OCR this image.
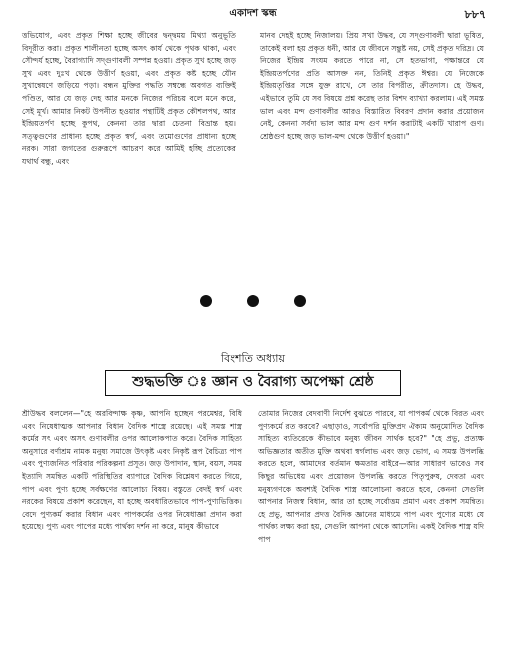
একাদশ স্কন্ধ	৮৮৭

ত্তভিযোগ, এবং প্রকৃত শিক্ষা হচ্ছে জীবের দ্বন্দ্বময় মিথ্যা অনুভূতি বিদূরীত করা। প্রকৃত শালীনতা হচ্ছে অসৎ কার্য থেকে পৃথক থাকা, এবং সৌন্দর্য হচ্ছে, বৈরাগ্যাদি সদ্গুণাবলী সম্পন্ন হওয়া। প্রকৃত সুখ হচ্ছে জড় সুখ এবং দুঃখ থেকে উত্তীর্ণ হওয়া, এবং প্রকৃত কষ্ট হচ্ছে যৌন সুখান্বেষণে জড়িয়ে পড়া। বন্ধন মুক্তির পদ্ধতি সম্বন্ধে অবগত ব্যক্তিই পণ্ডিত, আর যে জড় দেহ আর মনকে নিজের পরিচয় বলে মনে করে, সেই মূর্খ। আমার নিকট উপনীত হওয়ার পন্থাটিই প্রকৃত কৌশলপথ, আর ইন্দ্রিয়তর্পণ হচ্ছে কুপথ, কেননা তার দ্বারা চেতনা বিভ্রান্ত হয়। সত্ত্বগুণের প্রাধান্য হচ্ছে প্রকৃত স্বর্গ, এবং তমোগুণের প্রাধান্য হচ্ছে নরক। সারা জগতের গুরুরূপে আচরণ করে আমিই হচ্ছি প্রত্যেকের যথার্থ বন্ধু, এবং

মানব দেহই হচ্ছে নিজালয়। প্রিয় সখা উদ্ধব, যে সদ্গুণাবলী দ্বারা ভূষিত, তাকেই বলা হয় প্রকৃত ধনী, আর যে জীবনে সন্তুষ্ট নয়, সেই প্রকৃত দরিদ্র। যে নিজের ইন্দ্রিয় সংযম করতে পারে না, সে হতভাগা, পক্ষান্তরে যে ইন্দ্রিয়তর্পণের প্রতি আসক্ত নন, তিনিই প্রকৃত ঈশ্বর। যে নিজেকে ইন্দ্রিয়তৃপ্তির সঙ্গে যুক্ত রাখে, সে তার বিপরীত, ক্রীতদাস। হে উদ্ধব, এইভাবে তুমি যে সব বিষয়ে প্রশ্ন করেছ তার বিশদ ব্যাখ্যা করলাম। এই সমস্ত ভাল এবং মন্দ গুণাবলীর আরও বিস্তারিত বিবরণ প্রদান করার প্রয়োজন নেই, কেননা সর্বদা ভাল আর মন্দ গুণ দর্শন করাটাই একটি খারাপ গুণ। শ্রেষ্ঠগুণ হচ্ছে জড় ভাল-মন্দ থেকে উত্তীর্ণ হওয়া।"

বিংশতি অধ্যায়
শুদ্ধভক্তি ঃ জ্ঞান ও বৈরাগ্য অপেক্ষা শ্রেষ্ঠ

শ্রীউদ্ধব বললেন—"হে অরবিন্দাক্ষ কৃষ্ণ, আপনি হচ্ছেন পরমেশ্বর, বিধি এবং নিষেধাত্মক আপনার বিধান বৈদিক শাস্ত্রে রয়েছে। এই সমস্ত শাস্ত্র কর্মের সৎ এবং অসৎ গুণাবলীর ওপর আলোকপাত করে। বৈদিক সাহিত্য অনুসারে বর্ণাশ্রম নামক মনুষ্য সমাজে উৎকৃষ্ট এবং নিকৃষ্ট রূপ বৈচিত্র্য পাপ এবং পুণ্যজনিত পরিবার পরিকল্পনা প্রসূত। জড় উপাদান, স্থান, বয়স, সময় ইত্যাদি সমন্বিত একটি পরিস্থিতির ব্যাপারে বৈদিক বিশ্লেষণ করতে গিয়ে, পাপ এবং পুণ্য হচ্ছে সর্বক্ষণের আলোচ্য বিষয়। বস্তুতে বেদই স্বর্গ এবং নরকের বিষয়ে প্রকাশ করেছেন, যা হচ্ছে অবধারিতভাবে পাপ-পুণ্যভিত্তিক। বেদে পুণ্যকর্ম করার বিধান এবং পাপকর্মের ওপর নিষেধাজ্ঞা প্রদান করা হয়েছে। পুণ্য এবং পাপের মধ্যে পার্থক্য দর্শন না করে, মানুষ কীভাবে

তোমার নিজের বেদবাণী নির্দেশ বুঝতে পারবে, যা পাপকর্ম থেকে বিরত এবং পুণ্যকর্মে রত করবে? এছাড়াও, সর্বোপরি মুক্তিপ্রদ ঐক্যম অনুমোদিত বৈদিক সাহিত্য ব্যতিরেকে কীভাবে মনুষ্য জীবন সার্থক হবে?" "হে প্রভু, প্রত্যক্ষ অভিজ্ঞতার অতীত মুক্তি অথবা স্বর্গলাভ এবং জড় ভোগ, এ সমস্ত উপলব্ধি করতে হলে, আমাদের বর্তমান ক্ষমতার বাইরে—আর সাধারণ ভাবেও সব কিছুর অভিধেয় এবং প্রয়োজন উপলব্ধি করতে পিতৃপুরুষ, দেবতা এবং মনুষ্যগণকে অবশ্যই বৈদিক শাস্ত্র আলোচনা করতে হবে, কেননা সেগুলি আপনার নিজস্ব বিধান, আর তা হচ্ছে সর্বোত্তম প্রমাণ এবং প্রকাশ সমন্বিত। হে প্রভু, আপনার প্রদত্ত বৈদিক জ্ঞানের মাধ্যমে পাপ এবং পুণ্যের মধ্যে যে পার্থক্য লক্ষ্য করা হয়, সেগুলি আপনা থেকে আসেনি। একই বৈদিক শাস্ত্র যদি পাপ
